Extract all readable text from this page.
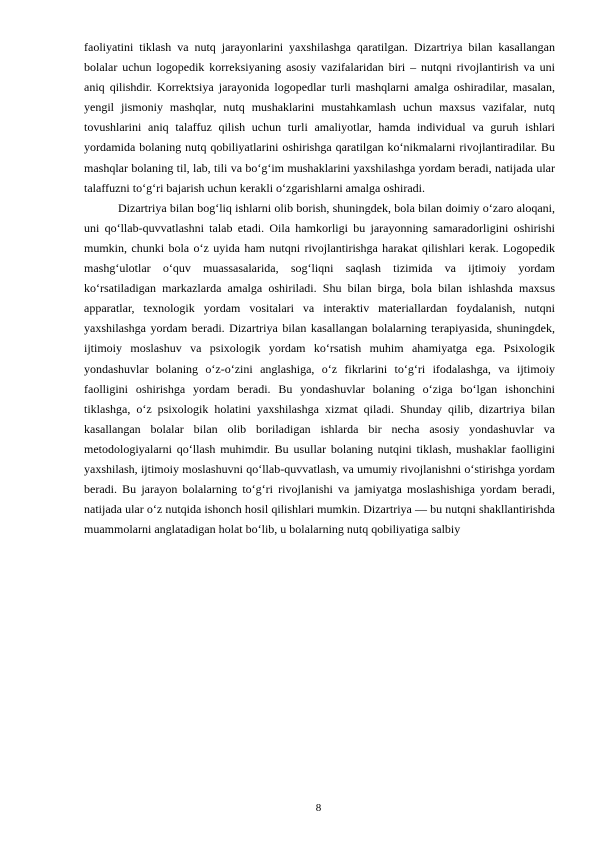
faoliyatini tiklash va nutq jarayonlarini yaxshilashga qaratilgan. Dizartriya bilan kasallangan bolalar uchun logopedik korreksiyaning asosiy vazifalaridan biri – nutqni rivojlantirish va uni aniq qilishdir. Korrektsiya jarayonida logopedlar turli mashqlarni amalga oshiradilar, masalan, yengil jismoniy mashqlar, nutq mushaklarini mustahkamlash uchun maxsus vazifalar, nutq tovushlarini aniq talaffuz qilish uchun turli amaliyotlar, hamda individual va guruh ishlari yordamida bolaning nutq qobiliyatlarini oshirishga qaratilgan ko‘nikmalarni rivojlantiradilar. Bu mashqlar bolaning til, lab, tili va bo‘g‘im mushaklarini yaxshilashga yordam beradi, natijada ular talaffuzni to‘g‘ri bajarish uchun kerakli o‘zgarishlarni amalga oshiradi.

Dizartriya bilan bog‘liq ishlarni olib borish, shuningdek, bola bilan doimiy o‘zaro aloqani, uni qo‘llab-quvvatlashni talab etadi. Oila hamkorligi bu jarayonning samaradorligini oshirishi mumkin, chunki bola o‘z uyida ham nutqni rivojlantirishga harakat qilishlari kerak. Logopedik mashg‘ulotlar o‘quv muassasalarida, sog‘liqni saqlash tizimida va ijtimoiy yordam ko‘rsatiladigan markazlarda amalga oshiriladi. Shu bilan birga, bola bilan ishlashda maxsus apparatlar, texnologik yordam vositalari va interaktiv materiallardan foydalanish, nutqni yaxshilashga yordam beradi. Dizartriya bilan kasallangan bolalarning terapiyasida, shuningdek, ijtimoiy moslashuv va psixologik yordam ko‘rsatish muhim ahamiyatga ega. Psixologik yondashuvlar bolaning o‘z-o‘zini anglashiga, o‘z fikrlarini to‘g‘ri ifodalashga, va ijtimoiy faolligini oshirishga yordam beradi. Bu yondashuvlar bolaning o‘ziga bo‘lgan ishonchini tiklashga, o‘z psixologik holatini yaxshilashga xizmat qiladi. Shunday qilib, dizartriya bilan kasallangan bolalar bilan olib boriladigan ishlarda bir necha asosiy yondashuvlar va metodologiyalarni qo‘llash muhimdir. Bu usullar bolaning nutqini tiklash, mushaklar faolligini yaxshilash, ijtimoiy moslashuvni qo‘llab-quvvatlash, va umumiy rivojlanishni o‘stirishga yordam beradi. Bu jarayon bolalarning to‘g‘ri rivojlanishi va jamiyatga moslashishiga yordam beradi, natijada ular o‘z nutqida ishonch hosil qilishlari mumkin. Dizartriya — bu nutqni shakllantirishda muammolarni anglatadigan holat bo‘lib, u bolalarning nutq qobiliyatiga salbiy

8
